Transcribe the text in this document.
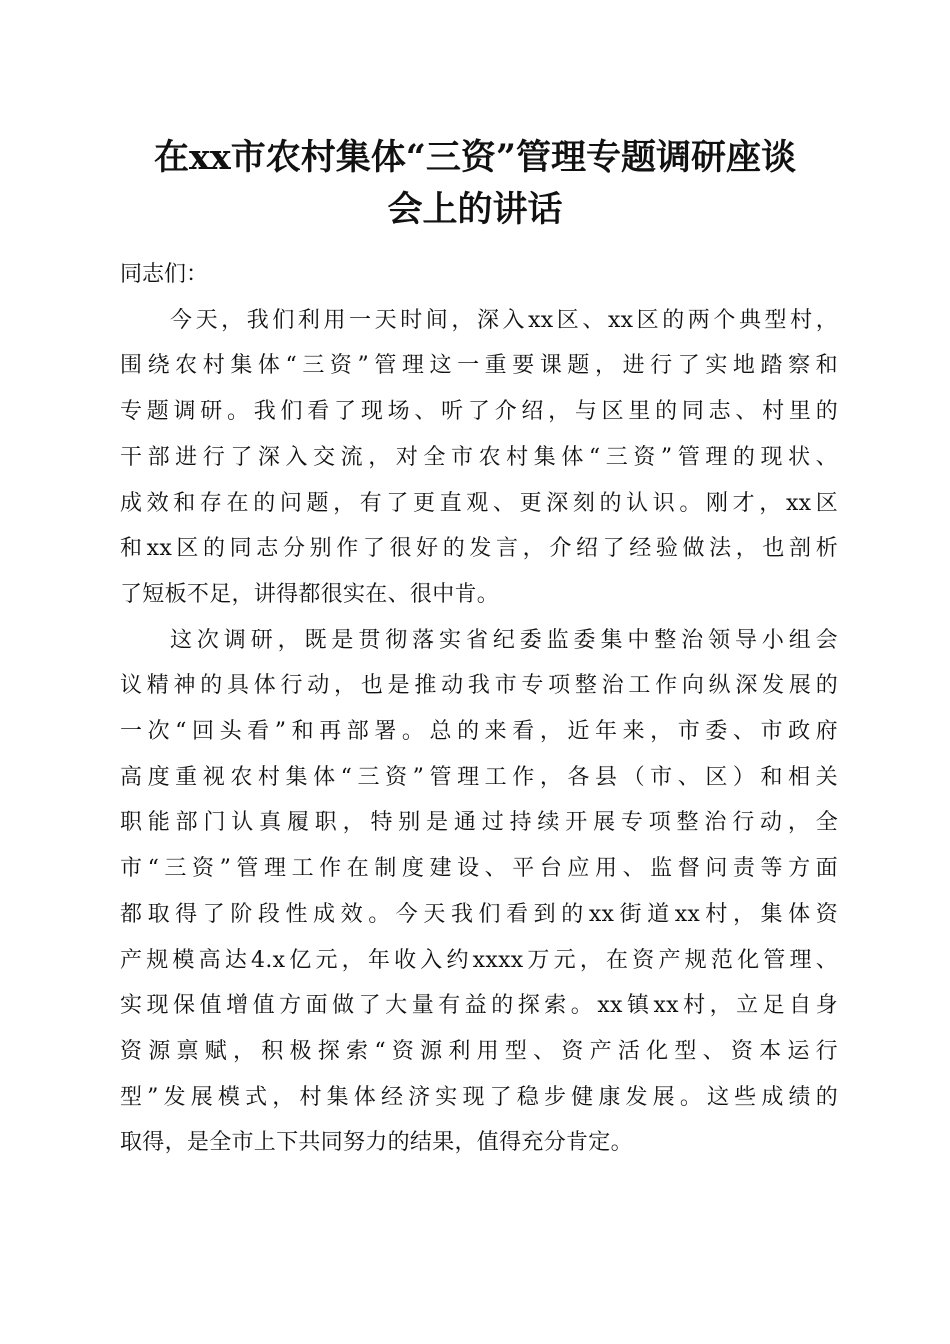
在xx市农村集体“三资”管理专题调研座谈
会上的讲话

同志们：

今天，我们利用一天时间，深入xx区、xx区的两个典型村，
围绕农村集体“三资”管理这一重要课题，进行了实地踏察和
专题调研。我们看了现场、听了介绍，与区里的同志、村里的
干部进行了深入交流，对全市农村集体“三资”管理的现状、
成效和存在的问题，有了更直观、更深刻的认识。刚才，xx区
和xx区的同志分别作了很好的发言，介绍了经验做法，也剖析
了短板不足，讲得都很实在、很中肯。

这次调研，既是贯彻落实省纪委监委集中整治领导小组会
议精神的具体行动，也是推动我市专项整治工作向纵深发展的
一次“回头看”和再部署。总的来看，近年来，市委、市政府
高度重视农村集体“三资”管理工作，各县（市、区）和相关
职能部门认真履职，特别是通过持续开展专项整治行动，全
市“三资”管理工作在制度建设、平台应用、监督问责等方面
都取得了阶段性成效。今天我们看到的xx街道xx村，集体资
产规模高达4.x亿元，年收入约xxxx万元，在资产规范化管理、
实现保值增值方面做了大量有益的探索。xx镇xx村，立足自身
资源禀赋，积极探索“资源利用型、资产活化型、资本运行
型”发展模式，村集体经济实现了稳步健康发展。这些成绩的
取得，是全市上下共同努力的结果，值得充分肯定。
